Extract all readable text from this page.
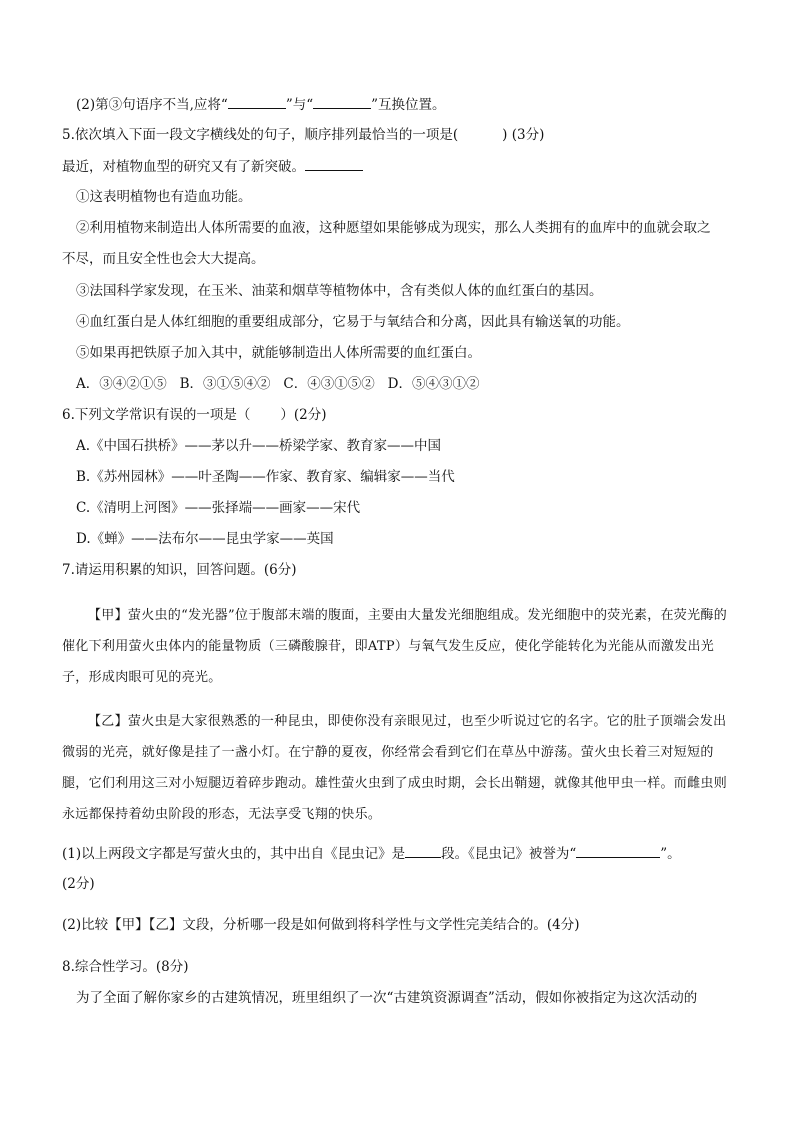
(2)第③句语序不当,应将“	”与“	”互换位置。
5.依次填入下面一段文字横线处的句子，顺序排列最恰当的一项是(	) (3分)
最近，对植物血型的研究又有了新突破。
①这表明植物也有造血功能。
②利用植物来制造出人体所需要的血液，这种愿望如果能够成为现实，那么人类拥有的血库中的血就会取之
不尽，而且安全性也会大大提高。
③法国科学家发现，在玉米、油菜和烟草等植物体中，含有类似人体的血红蛋白的基因。
④血红蛋白是人体红细胞的重要组成部分，它易于与氧结合和分离，因此具有输送氧的功能。
⑤如果再把铁原子加入其中，就能够制造出人体所需要的血红蛋白。
A．③④②①⑤ B．③①⑤④② C．④③①⑤② D．⑤④③①②
6.下列文学常识有误的一项是（ ）(2分)
A.《中国石拱桥》——茅以升——桥梁学家、教育家——中国
B.《苏州园林》——叶圣陶——作家、教育家、编辑家——当代
C.《清明上河图》——张择端——画家——宋代
D.《蝉》——法布尔——昆虫学家——英国
7.请运用积累的知识，回答问题。(6分)
【甲】萤火虫的“发光器”位于腹部末端的腹面，主要由大量发光细胞组成。发光细胞中的荧光素，在荧光酶的催化下利用萤火虫体内的能量物质（三磷酸腺苷，即ATP）与氧气发生反应，使化学能转化为光能从而激发出光子，形成肉眼可见的亮光。
【乙】萤火虫是大家很熟悉的一种昆虫，即使你没有亲眼见过，也至少听说过它的名字。它的肚子顶端会发出微弱的光亮，就好像是挂了一盏小灯。在宁静的夏夜，你经常会看到它们在草丛中游荡。萤火虫长着三对短短的腿，它们利用这三对小短腿迈着碎步跑动。雄性萤火虫到了成虫时期，会长出鞘翅，就像其他甲虫一样。而雌虫则永远都保持着幼虫阶段的形态，无法享受飞翔的快乐。
(1)以上两段文字都是写萤火虫的，其中出自《昆虫记》是	段。《昆虫记》被誉为“	”。
(2分)
(2)比较【甲】【乙】文段，分析哪一段是如何做到将科学性与文学性完美结合的。(4分)
8.综合性学习。(8分)
为了全面了解你家乡的古建筑情况，班里组织了一次“古建筑资源调查”活动，假如你被指定为这次活动的
